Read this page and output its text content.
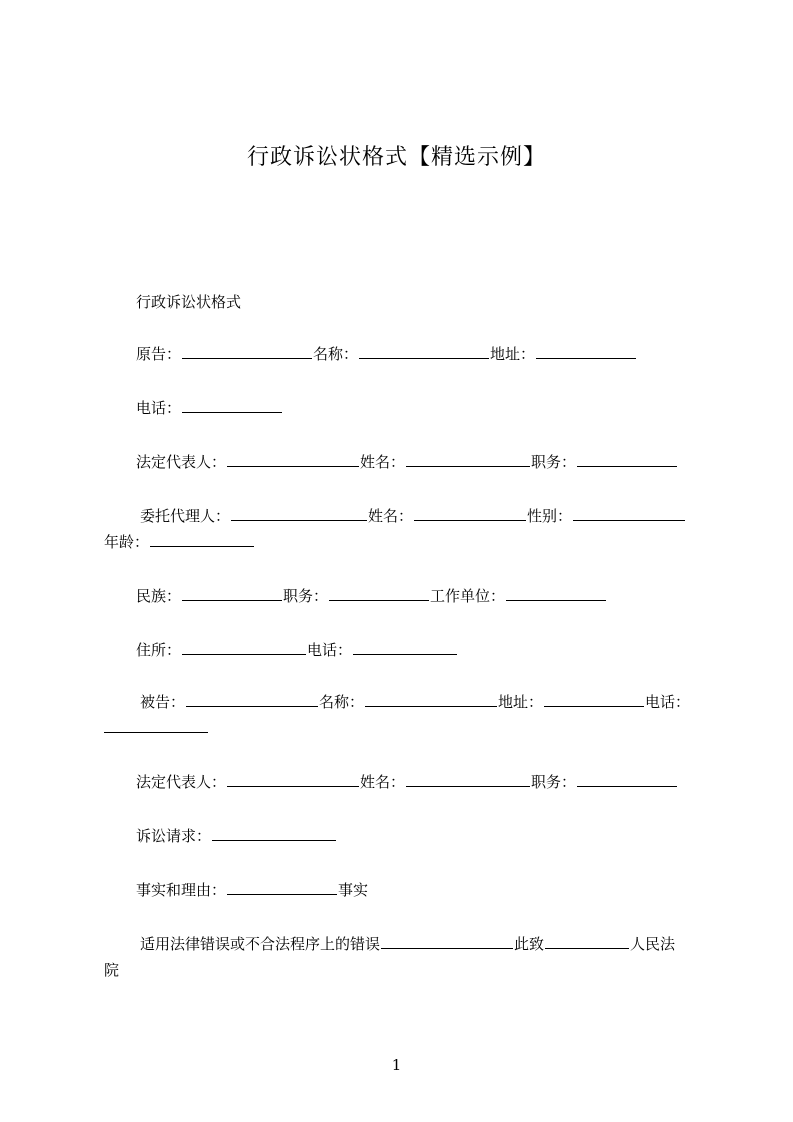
行政诉讼状格式【精选示例】
行政诉讼状格式
原告：	名称：	地址：
电话：
法定代表人：	姓名：	职务：
委托代理人：	姓名：	性别：
年龄：
民族：	职务：	工作单位：
住所：	电话：
被告：	名称：	地址：	电话：
法定代表人：	姓名：	职务：
诉讼请求：
事实和理由：	事实
适用法律错误或不合法程序上的错误	此致	人民法
院
1
